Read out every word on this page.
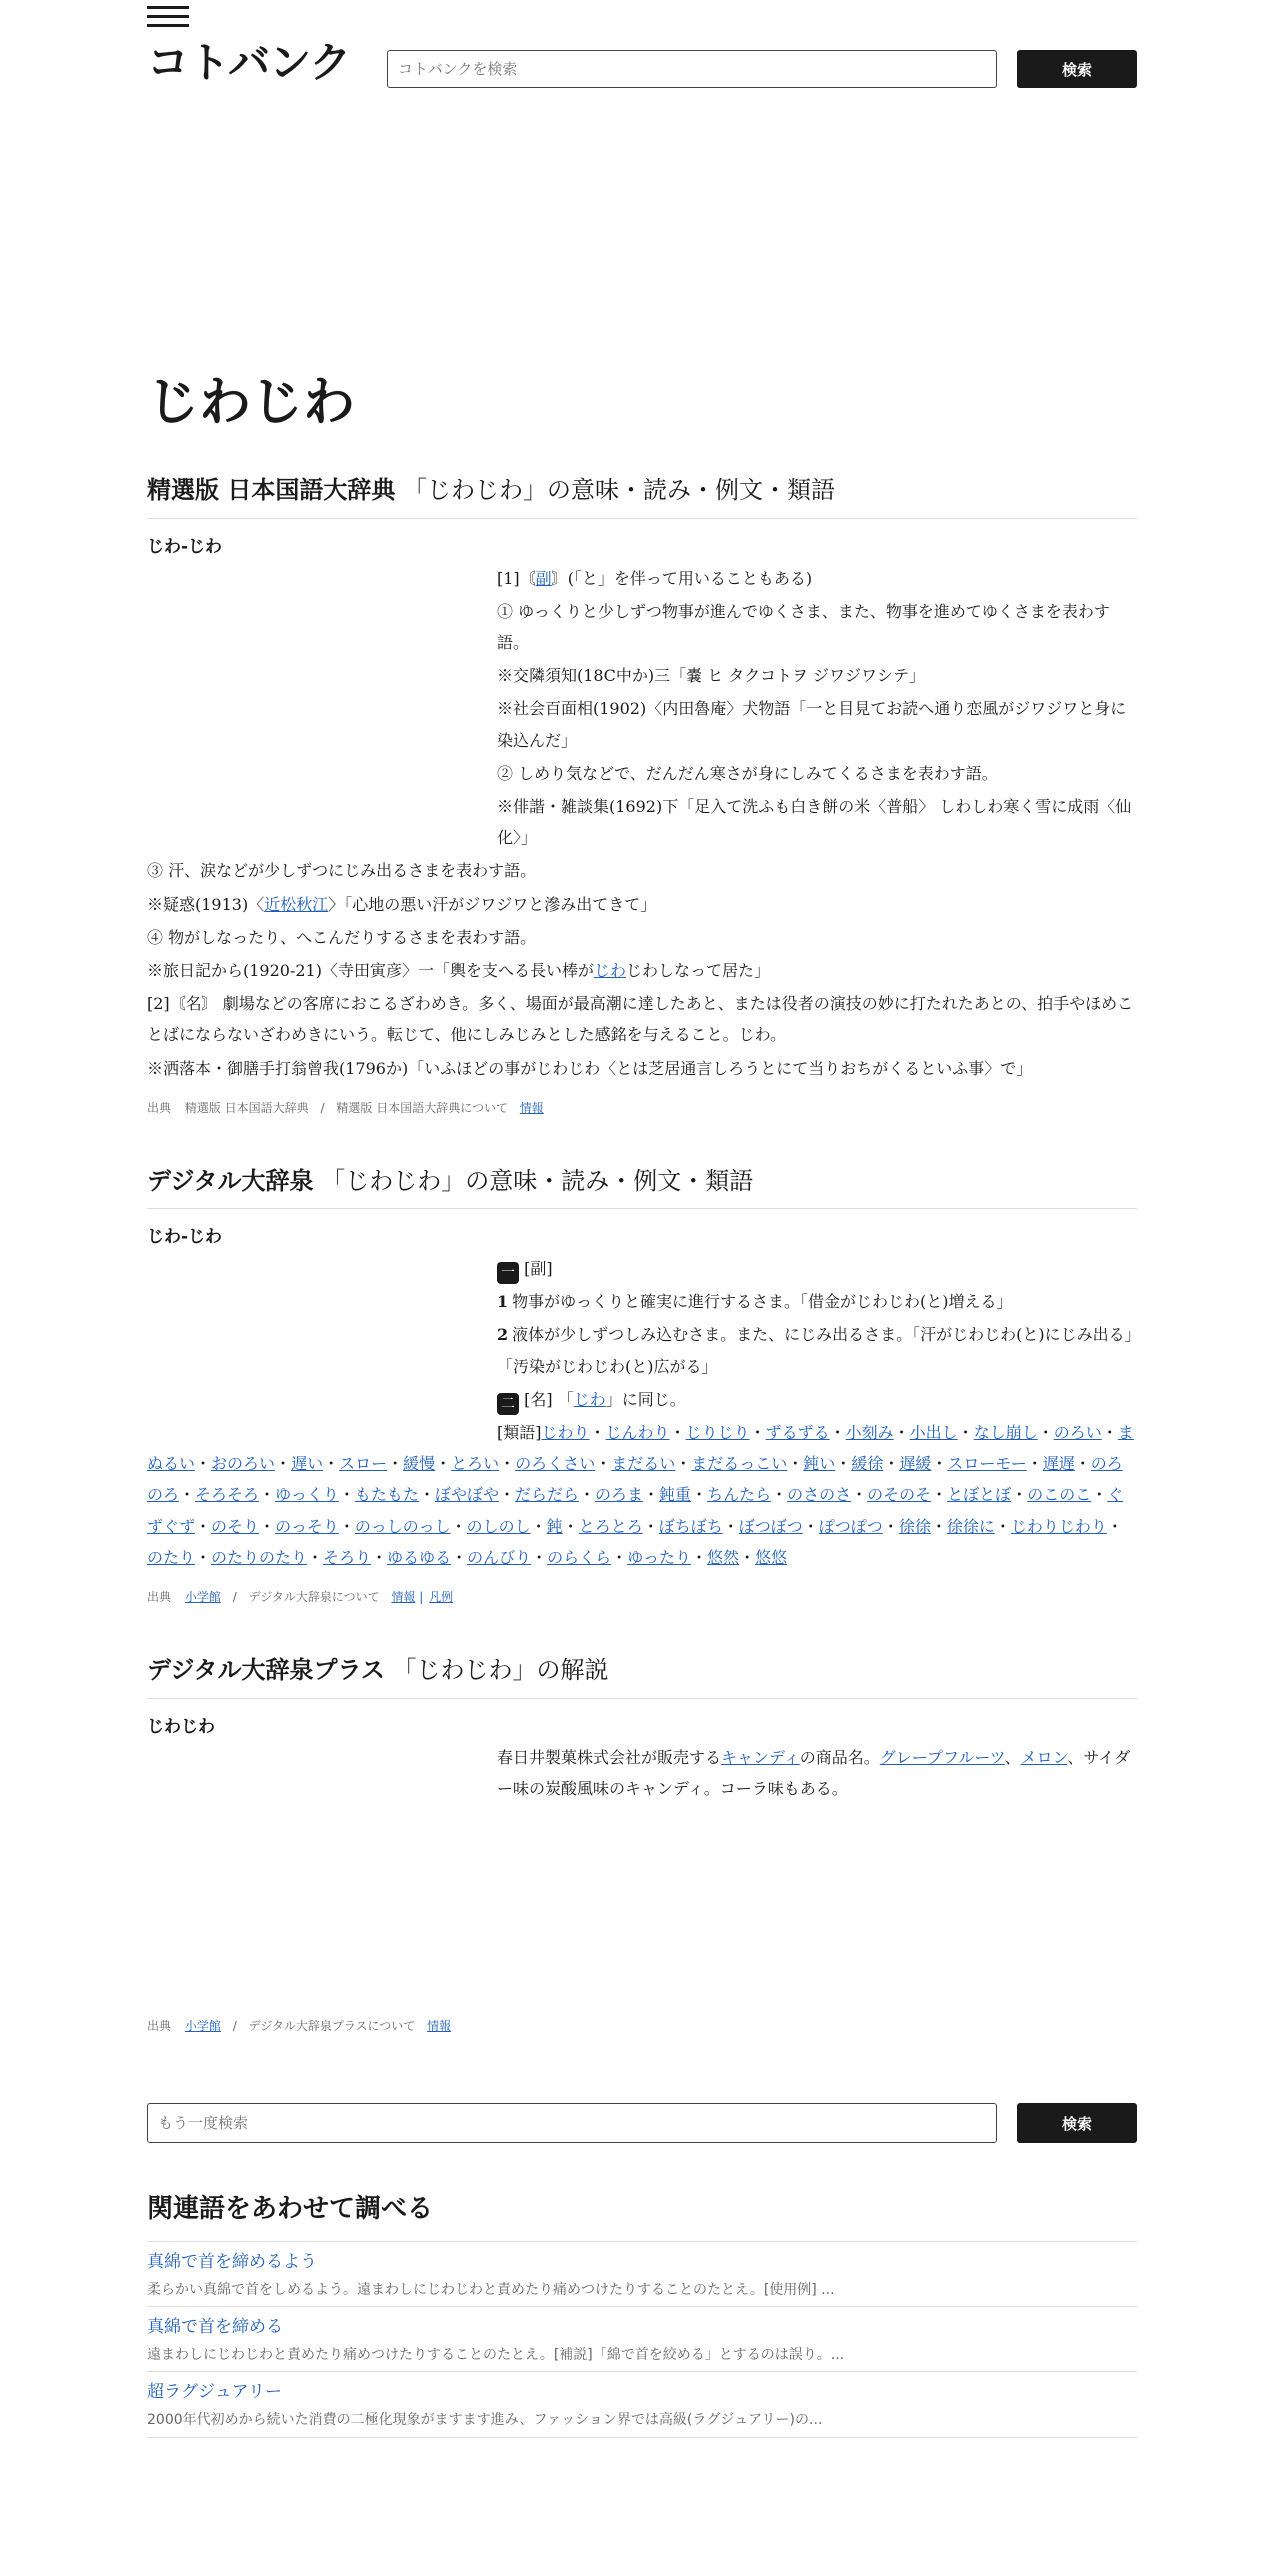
コトバンク
コトバンクを検索	検索
じわじわ
精選版 日本国語大辞典 「じわじわ」の意味・読み・例文・類語
じわ‐じわ

[1]〘副〙(「と」を伴って用いることもある)

① ゆっくりと少しずつ物事が進んでゆくさま、また、物事を進めてゆくさまを表わす語。

※交隣須知(18C中か)三「嚢 ヒ タクコトヲ ジワジワシテ」

※社会百面相(1902)〈内田魯庵〉犬物語「一と目見てお読へ通り恋風がジワジワと身に染込んだ」

② しめり気などで、だんだん寒さが身にしみてくるさまを表わす語。

※俳諧・雑談集(1692)下「足入て洗ふも白き餅の米〈普船〉 しわしわ寒く雪に成雨〈仙化〉」

③ 汗、涙などが少しずつにじみ出るさまを表わす語。

※疑惑(1913)〈近松秋江〉「心地の悪い汗がジワジワと滲み出てきて」

④ 物がしなったり、へこんだりするさまを表わす語。

※旅日記から(1920‐21)〈寺田寅彦〉一「輿を支へる長い棒がじわじわしなって居た」

[2]〘名〙 劇場などの客席におこるざわめき。多く、場面が最高潮に達したあと、または役者の演技の妙に打たれたあとの、拍手やほめことばにならないざわめきにいう。転じて、他にしみじみとした感銘を与えること。じわ。

※洒落本・御膳手打翁曾我(1796か)「いふほどの事がじわじわ〈とは芝居通言しろうとにて当りおちがくるといふ事〉で」

出典 精選版 日本国語大辞典 / 精選版 日本国語大辞典について 情報
デジタル大辞泉 「じわじわ」の意味・読み・例文・類語
じわ‐じわ

一 [副]

1 物事がゆっくりと確実に進行するさま。「借金がじわじわ(と)増える」

2 液体が少しずつしみ込むさま。また、にじみ出るさま。「汗がじわじわ(と)にじみ出る」「汚染がじわじわ(と)広がる」

二 [名] 「じわ」に同じ。

[類語]じわり・じんわり・じりじり・ずるずる・小刻み・小出し・なし崩し・のろい・まぬるい・おのろい・遅い・スロー・緩慢・とろい・のろくさい・まだるい・まだるっこい・鈍い・緩徐・遅緩・スローモー・遅遅・のろのろ・そろそろ・ゆっくり・もたもた・ぼやぼや・だらだら・のろま・鈍重・ちんたら・のさのさ・のそのそ・とぼとぼ・のこのこ・ぐずぐず・のそり・のっそり・のっしのっし・のしのし・鈍・とろとろ・ぼちぼち・ぼつぼつ・ぽつぽつ・徐徐・徐徐に・じわりじわり・のたり・のたりのたり・そろり・ゆるゆる・のんびり・のらくら・ゆったり・悠然・悠悠

出典 小学館 / デジタル大辞泉について 情報 | 凡例
デジタル大辞泉プラス 「じわじわ」の解説
じわじわ

春日井製菓株式会社が販売するキャンディの商品名。グレープフルーツ、メロン、サイダー味の炭酸風味のキャンディ。コーラ味もある。

出典 小学館 / デジタル大辞泉プラスについて 情報
もう一度検索
検索
関連語をあわせて調べる
真綿で首を締めるよう
柔らかい真綿で首をしめるよう。遠まわしにじわじわと責めたり痛めつけたりすることのたとえ。[使用例] ...
真綿で首を締める
遠まわしにじわじわと責めたり痛めつけたりすることのたとえ。[補説]「綿で首を絞める」とするのは誤り。...
超ラグジュアリー
2000年代初めから続いた消費の二極化現象がますます進み、ファッション界では高級(ラグジュアリー)の...
